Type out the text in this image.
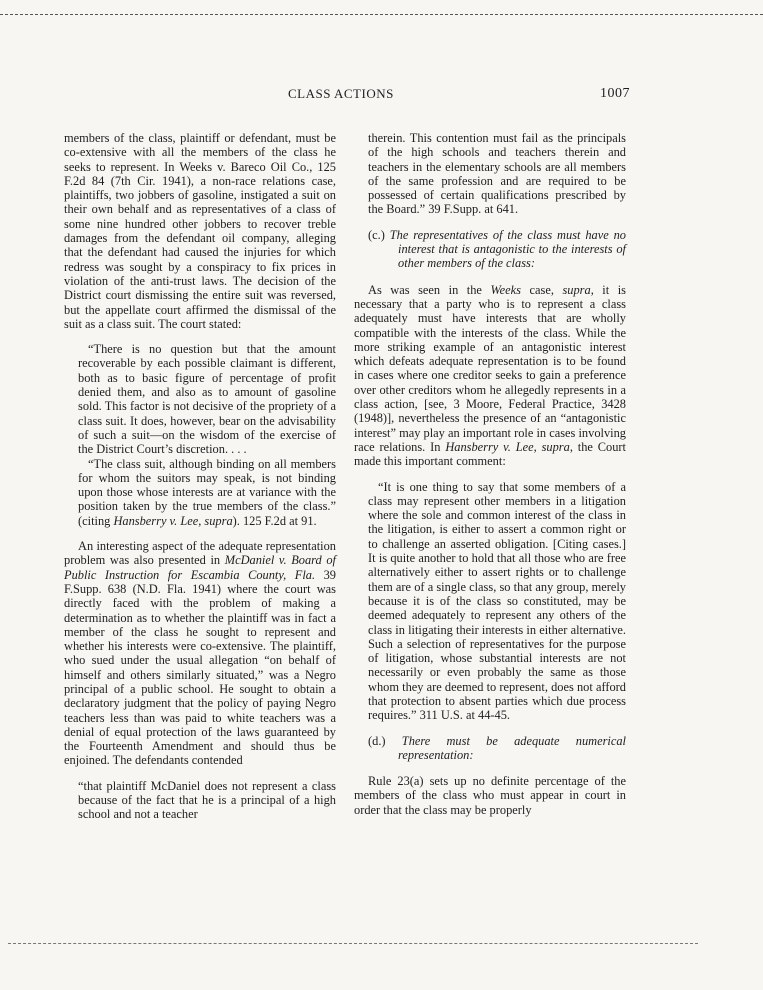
CLASS ACTIONS	1007

members of the class, plaintiff or defendant, must be co-extensive with all the members of the class he seeks to represent. In Weeks v. Bareco Oil Co., 125 F.2d 84 (7th Cir. 1941), a non-race relations case, plaintiffs, two jobbers of gasoline, instigated a suit on their own behalf and as representatives of a class of some nine hundred other jobbers to recover treble damages from the defendant oil company, alleging that the defendant had caused the injuries for which redress was sought by a conspiracy to fix prices in violation of the anti-trust laws. The decision of the District court dismissing the entire suit was reversed, but the appellate court affirmed the dismissal of the suit as a class suit. The court stated:

“There is no question but that the amount recoverable by each possible claimant is different, both as to basic figure of percentage of profit denied them, and also as to amount of gasoline sold. This factor is not decisive of the propriety of a class suit. It does, however, bear on the advisability of such a suit—on the wisdom of the exercise of the District Court’s discretion. . . .

“The class suit, although binding on all members for whom the suitors may speak, is not binding upon those whose interests are at variance with the position taken by the true members of the class.” (citing Hansberry v. Lee, supra). 125 F.2d at 91.

An interesting aspect of the adequate representation problem was also presented in McDaniel v. Board of Public Instruction for Escambia County, Fla. 39 F.Supp. 638 (N.D. Fla. 1941) where the court was directly faced with the problem of making a determination as to whether the plaintiff was in fact a member of the class he sought to represent and whether his interests were co-extensive. The plaintiff, who sued under the usual allegation “on behalf of himself and others similarly situated,” was a Negro principal of a public school. He sought to obtain a declaratory judgment that the policy of paying Negro teachers less than was paid to white teachers was a denial of equal protection of the laws guaranteed by the Fourteenth Amendment and should thus be enjoined. The defendants contended

“that plaintiff McDaniel does not represent a class because of the fact that he is a principal of a high school and not a teacher

therein. This contention must fail as the principals of the high schools and teachers therein and teachers in the elementary schools are all members of the same profession and are required to be possessed of certain qualifications prescribed by the Board.” 39 F.Supp. at 641.

(c.) The representatives of the class must have no interest that is antagonistic to the interests of other members of the class:

As was seen in the Weeks case, supra, it is necessary that a party who is to represent a class adequately must have interests that are wholly compatible with the interests of the class. While the more striking example of an antagonistic interest which defeats adequate representation is to be found in cases where one creditor seeks to gain a preference over other creditors whom he allegedly represents in a class action, [see, 3 Moore, Federal Practice, 3428 (1948)], nevertheless the presence of an “antagonistic interest” may play an important role in cases involving race relations. In Hansberry v. Lee, supra, the Court made this important comment:

“It is one thing to say that some members of a class may represent other members in a litigation where the sole and common interest of the class in the litigation, is either to assert a common right or to challenge an asserted obligation. [Citing cases.] It is quite another to hold that all those who are free alternatively either to assert rights or to challenge them are of a single class, so that any group, merely because it is of the class so constituted, may be deemed adequately to represent any others of the class in litigating their interests in either alternative. Such a selection of representatives for the purpose of litigation, whose substantial interests are not necessarily or even probably the same as those whom they are deemed to represent, does not afford that protection to absent parties which due process requires.” 311 U.S. at 44-45.

(d.) There must be adequate numerical representation:

Rule 23(a) sets up no definite percentage of the members of the class who must appear in court in order that the class may be properly
